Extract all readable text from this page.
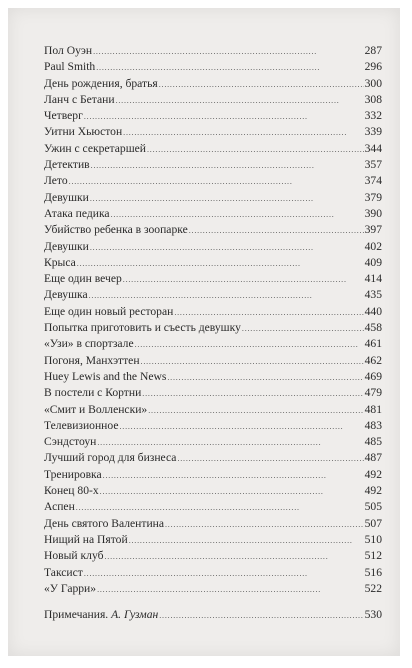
Пол Оуэн . . .	287
Paul Smith . . .	296
День рождения, братья . . .	300
Ланч с Бетани . . .	308
Четверг . . .	332
Уитни Хьюстон . . .	339
Ужин с секретаршей . . .	344
Детектив . . .	357
Лето . . .	374
Девушки . . .	379
Атака педика . . .	390
Убийство ребенка в зоопарке . . .	397
Девушки . . .	402
Крыса . . .	409
Еще один вечер . . .	414
Девушка . . .	435
Еще один новый ресторан . . .	440
Попытка приготовить и съесть девушку . . .	458
«Узи» в спортзале . . .	461
Погоня, Манхэттен . . .	462
Huey Lewis and the News . . .	469
В постели с Кортни . . .	479
«Смит и Волленски» . . .	481
Телевизионное . . .	483
Сэндстоун . . .	485
Лучший город для бизнеса . . .	487
Тренировка . . .	492
Конец 80-х . . .	492
Аспен . . .	505
День святого Валентина . . .	507
Нищий на Пятой . . .	510
Новый клуб . . .	512
Таксист . . .	516
«У Гарри» . . .	522
Примечания. А. Гузман . . .	530
